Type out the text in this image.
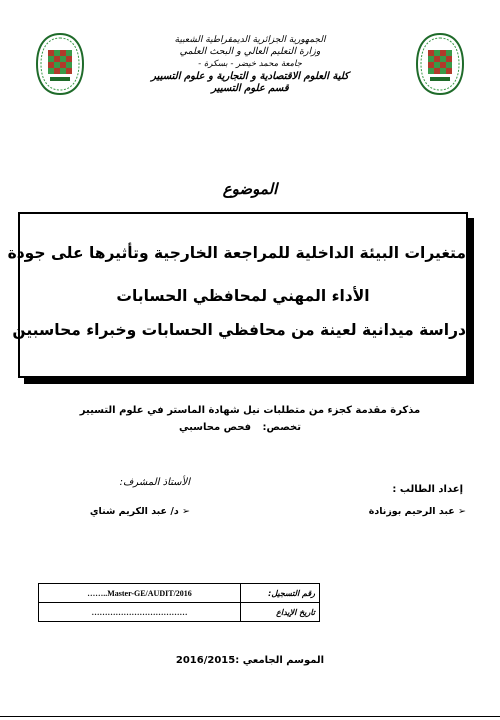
الجمهورية الجزائرية الديمقراطية الشعبية
وزارة التعليم العالي و البحث العلمي
جامعة محمد خيضر - بسكرة -
كلية العلوم الاقتصادية و التجارية و علوم التسيير
قسم علوم التسيير
الموضوع
متغيرات البيئة الداخلية للمراجعة الخارجية وتأثيرها على جودة
الأداء المهني لمحافظي الحسابات
دراسة ميدانية لعينة من محافظي الحسابات وخبراء محاسبين
مذكرة مقدمة كجزء من متطلبات نيل شهادة الماستر في علوم التسيير
تخصص: فحص محاسبي
إعداد الطالب :
➢ عبد الرحيم بوزنادة
الأستاذ المشرف:
➢ د/ عبد الكريم شناي
……..Master-GE/AUDIT/2016	رقم التسجيل:
………………………………	تاريخ الإيداع
الموسم الجامعي 2016/2015:
